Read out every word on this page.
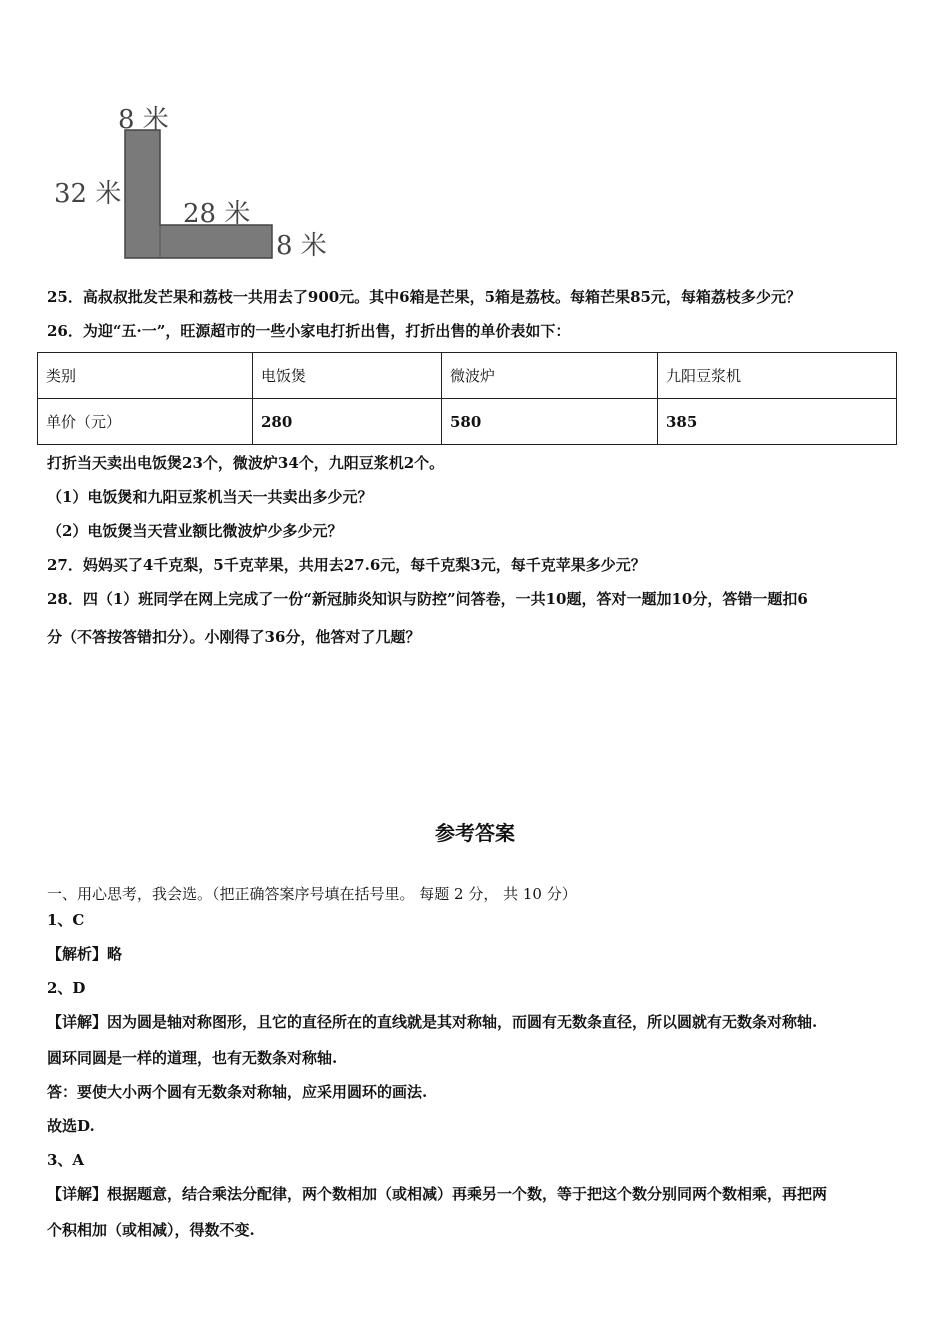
8 米
32 米
28 米
8 米
25．高叔叔批发芒果和荔枝一共用去了900元。其中6箱是芒果，5箱是荔枝。每箱芒果85元，每箱荔枝多少元？
26．为迎“五·一”，旺源超市的一些小家电打折出售，打折出售的单价表如下：
类别	电饭煲	微波炉	九阳豆浆机
单价（元）	280	580	385
打折当天卖出电饭煲23个，微波炉34个，九阳豆浆机2个。
（1）电饭煲和九阳豆浆机当天一共卖出多少元？
（2）电饭煲当天营业额比微波炉少多少元？
27．妈妈买了4千克梨，5千克苹果，共用去27.6元，每千克梨3元，每千克苹果多少元？
28．四（1）班同学在网上完成了一份“新冠肺炎知识与防控”问答卷，一共10题，答对一题加10分，答错一题扣6
分（不答按答错扣分）。小刚得了36分，他答对了几题？
参考答案
一、用心思考，我会选。（把正确答案序号填在括号里。 每题 2 分， 共 10 分）
1、C
【解析】略
2、D
【详解】因为圆是轴对称图形，且它的直径所在的直线就是其对称轴，而圆有无数条直径，所以圆就有无数条对称轴.
圆环同圆是一样的道理，也有无数条对称轴.
答：要使大小两个圆有无数条对称轴，应采用圆环的画法.
故选D.
3、A
【详解】根据题意，结合乘法分配律，两个数相加（或相减）再乘另一个数，等于把这个数分别同两个数相乘，再把两
个积相加（或相减），得数不变.
